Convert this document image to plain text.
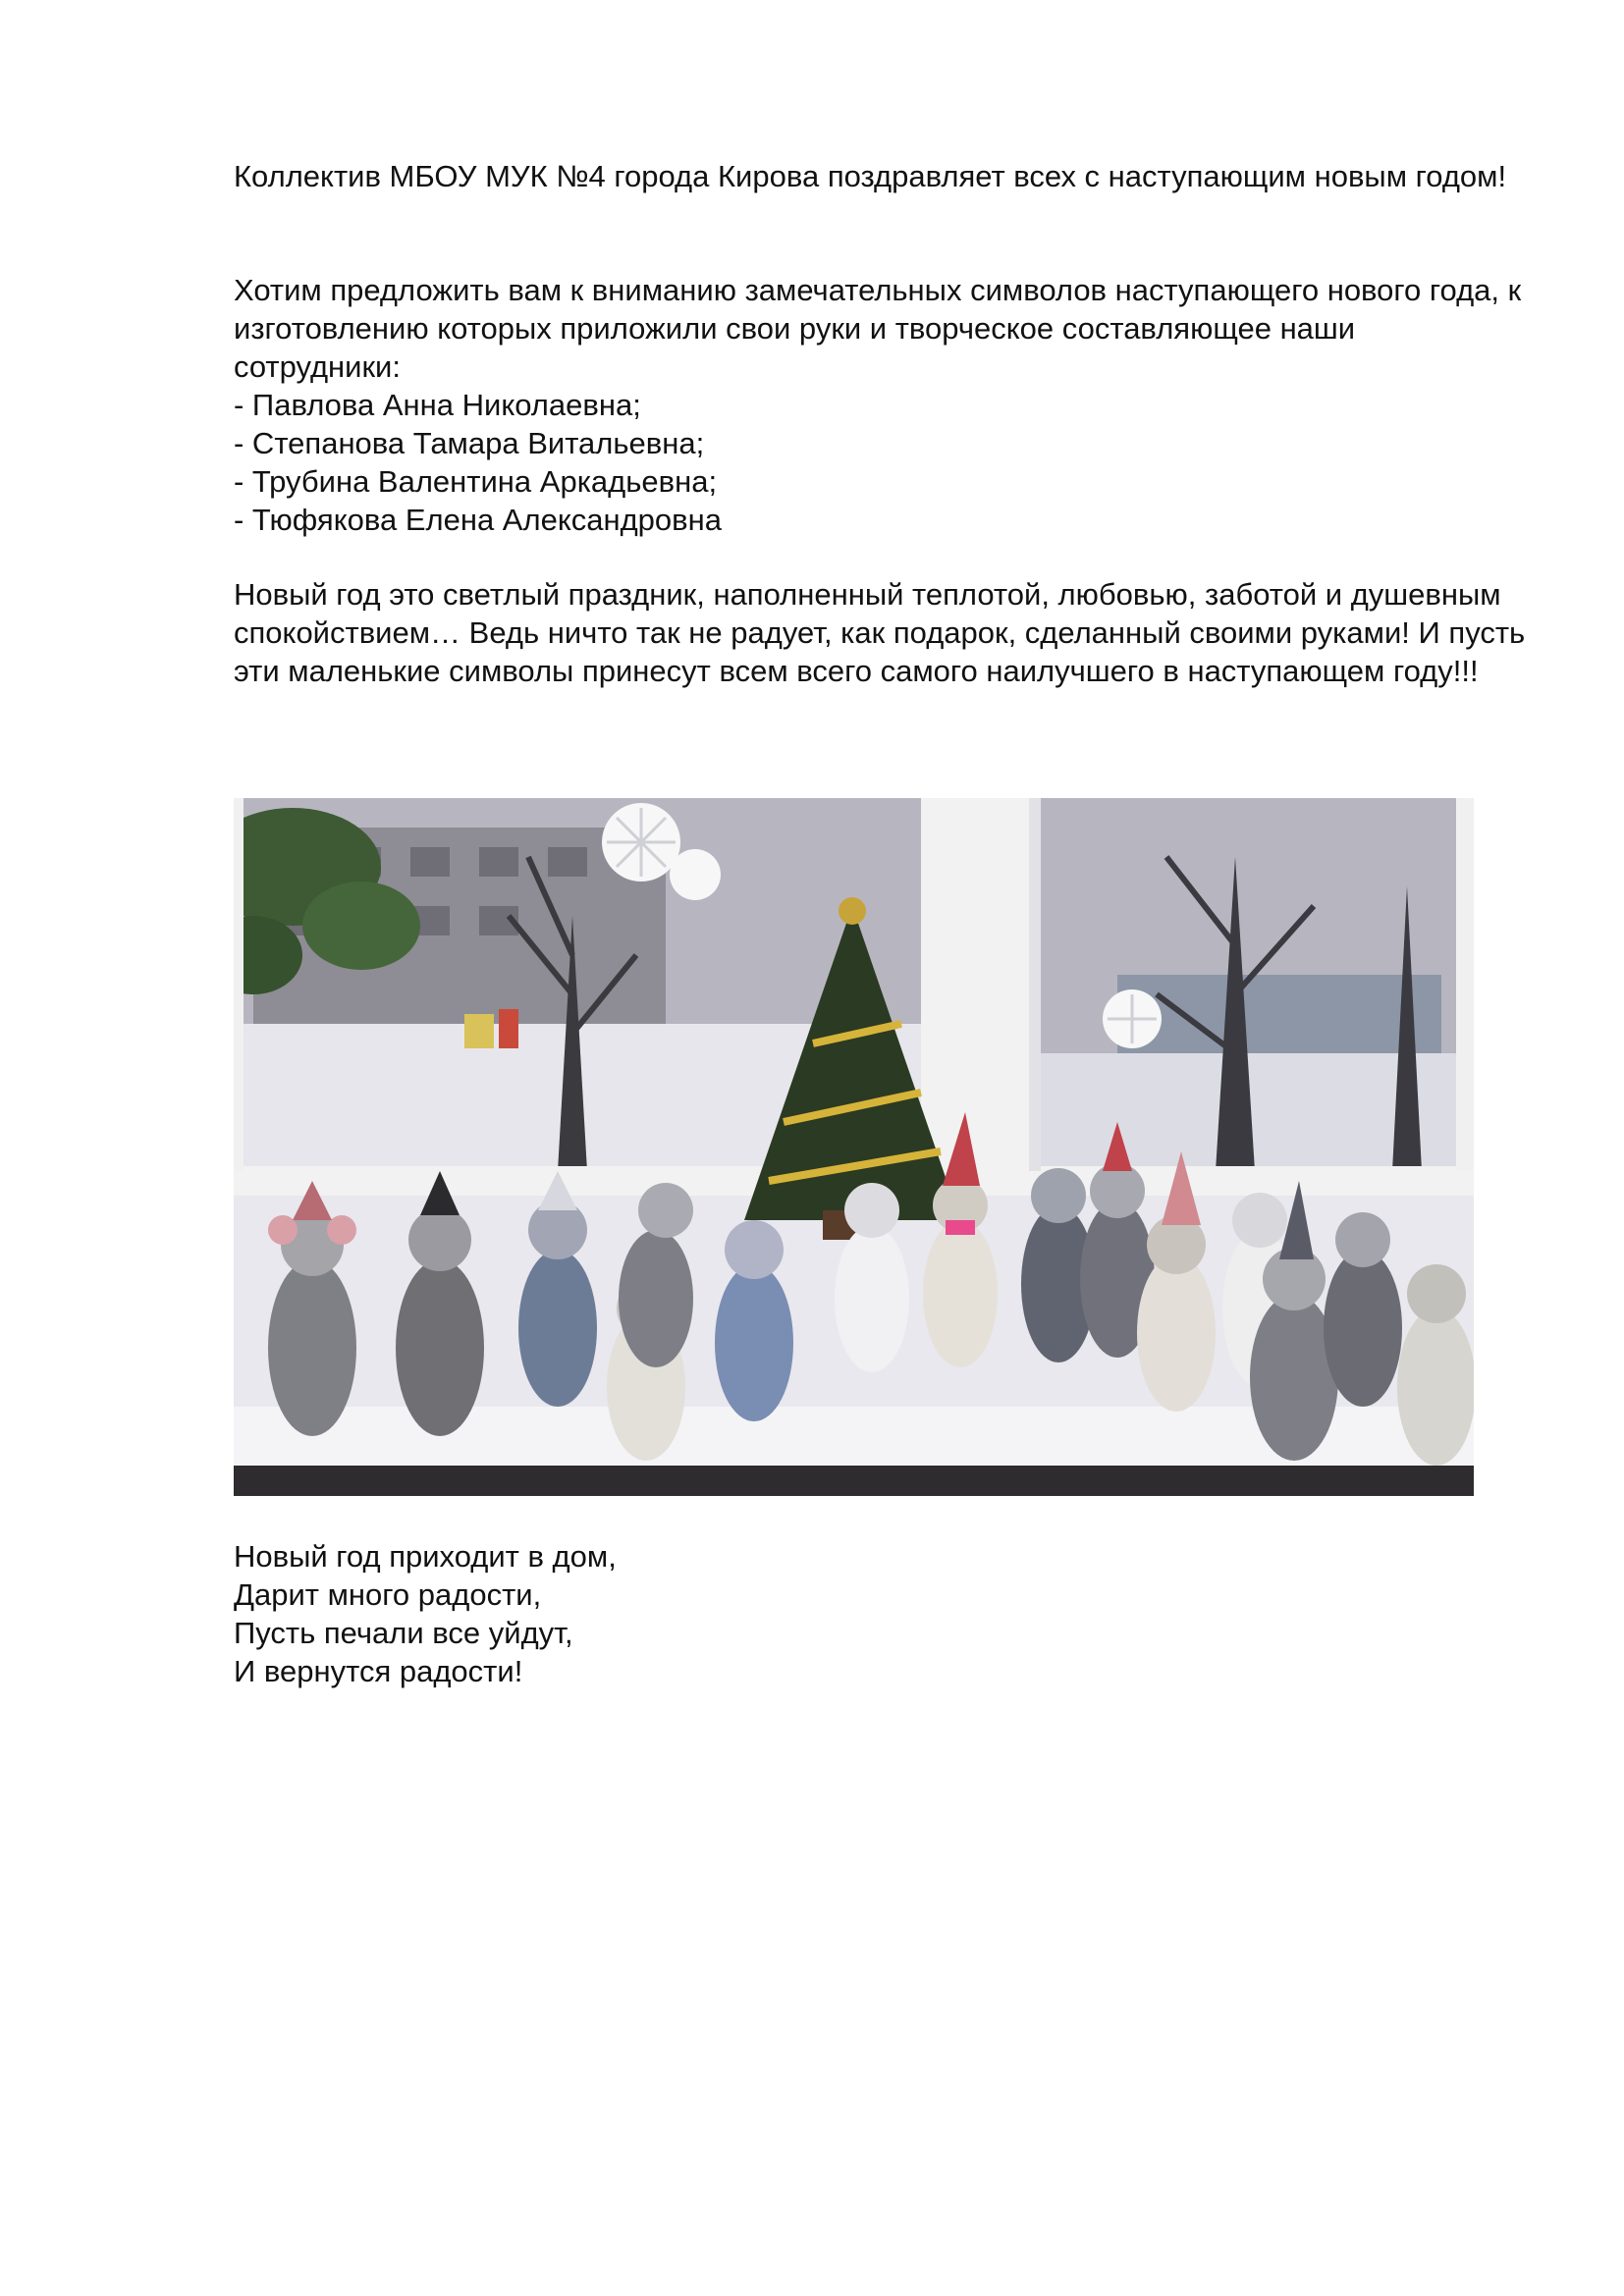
Коллектив МБОУ МУК №4 города Кирова поздравляет всех с наступающим новым годом!

Хотим предложить вам к вниманию замечательных символов наступающего нового года, к изготовлению которых приложили свои руки и творческое составляющее наши сотрудники:

- Павлова Анна Николаевна;
- Степанова Тамара Витальевна;
- Трубина Валентина Аркадьевна;
- Тюфякова Елена Александровна

Новый год это светлый праздник, наполненный теплотой, любовью, заботой и душевным спокойствием… Ведь ничто так не радует, как подарок, сделанный своими руками! И пусть эти маленькие символы принесут всем всего самого наилучшего в наступающем году!!!

Новый год приходит в дом,
Дарит много радости,
Пусть печали все уйдут,
И вернутся радости!
